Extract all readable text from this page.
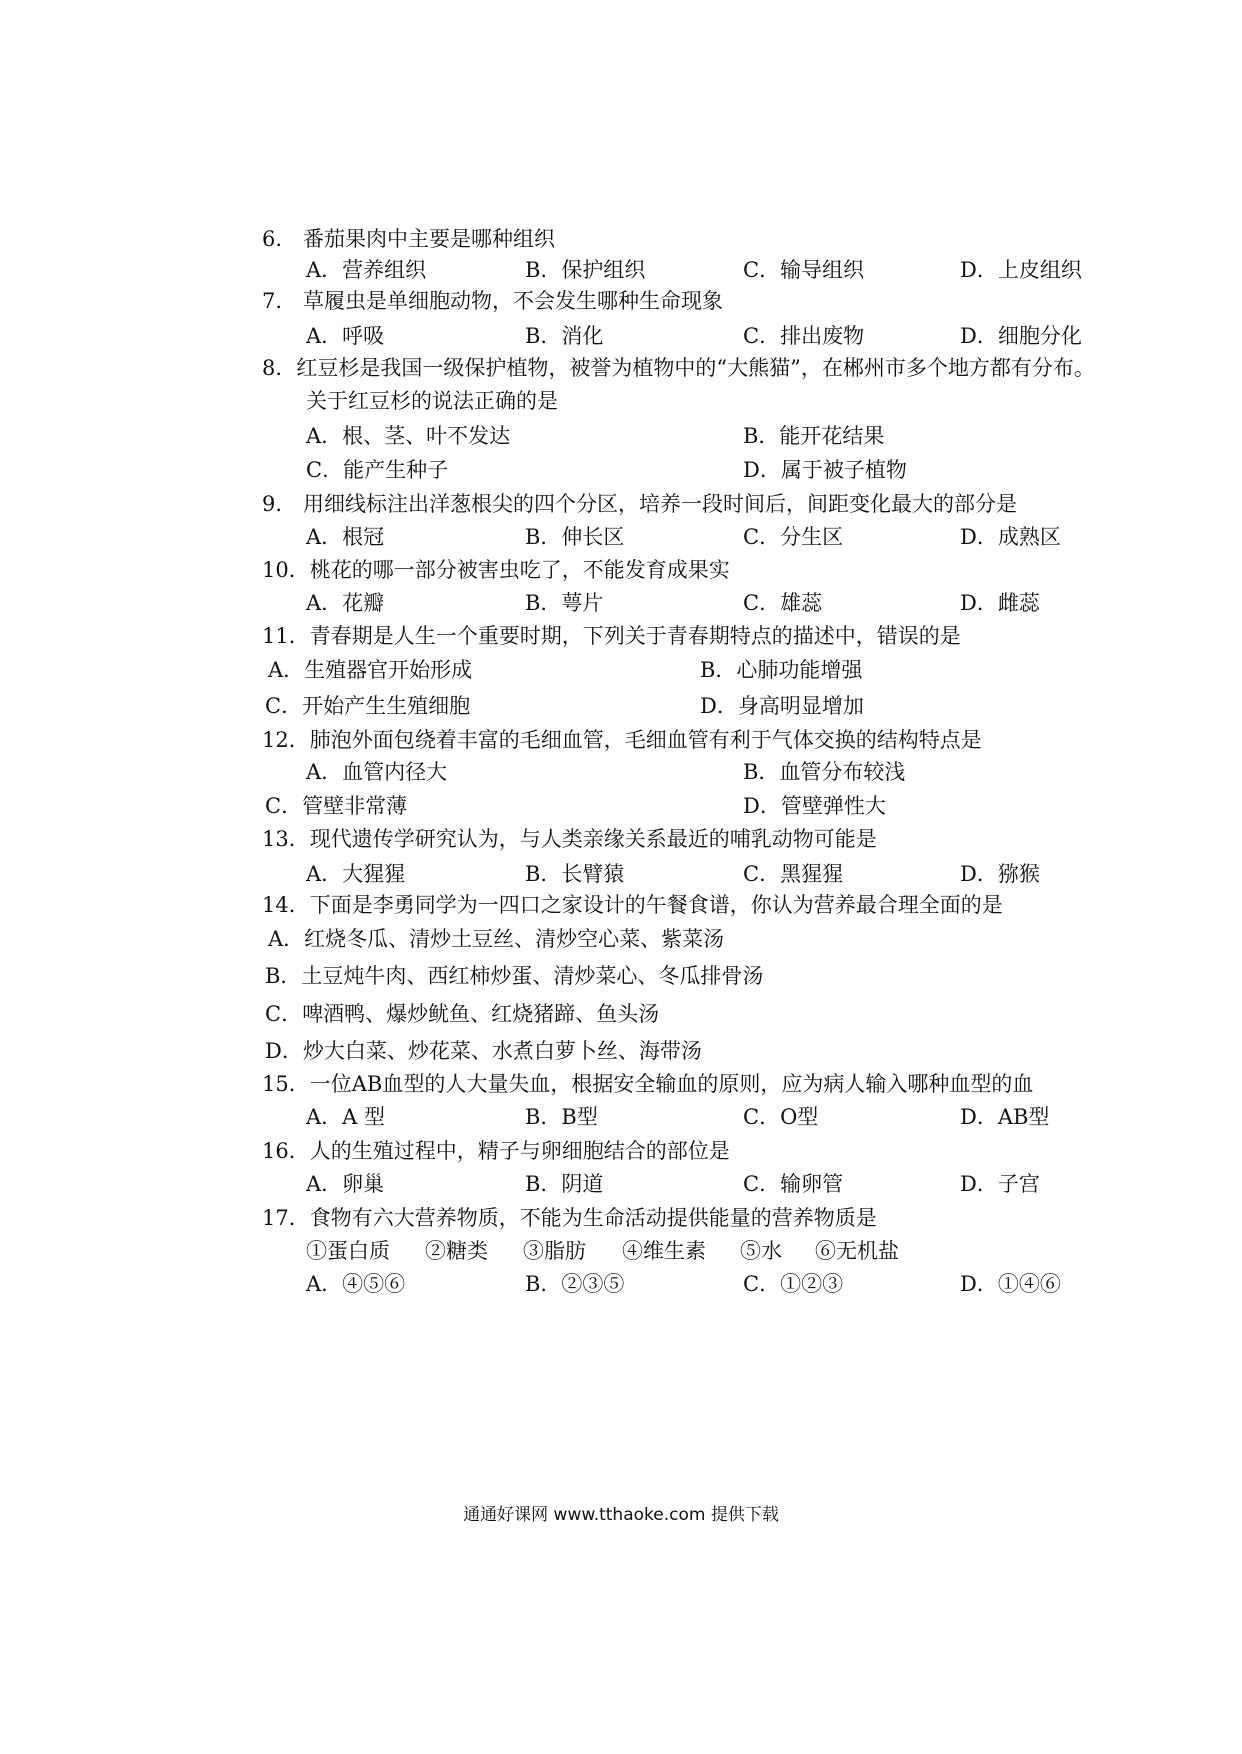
6.　番茄果肉中主要是哪种组织
A．营养组织	B．保护组织	C．输导组织	D．上皮组织
7.　草履虫是单细胞动物，不会发生哪种生命现象
A．呼吸	B．消化	C．排出废物	D．细胞分化
8．红豆杉是我国一级保护植物，被誉为植物中的“大熊猫”，在郴州市多个地方都有分布。
关于红豆杉的说法正确的是
A．根、茎、叶不发达	B．能开花结果
C．能产生种子	D．属于被子植物
9.　用细线标注出洋葱根尖的四个分区，培养一段时间后，间距变化最大的部分是
A．根冠	B．伸长区	C．分生区	D．成熟区
10．桃花的哪一部分被害虫吃了，不能发育成果实
A．花瓣	B．萼片	C．雄蕊	D．雌蕊
11．青春期是人生一个重要时期，下列关于青春期特点的描述中，错误的是
A．生殖器官开始形成	B．心肺功能增强
C．开始产生生殖细胞	D．身高明显增加
12．肺泡外面包绕着丰富的毛细血管，毛细血管有利于气体交换的结构特点是
A．血管内径大	B．血管分布较浅
C．管壁非常薄	D．管壁弹性大
13．现代遗传学研究认为，与人类亲缘关系最近的哺乳动物可能是
A．大猩猩	B．长臂猿	C．黑猩猩	D．猕猴
14．下面是李勇同学为一四口之家设计的午餐食谱，你认为营养最合理全面的是
A．红烧冬瓜、清炒土豆丝、清炒空心菜、紫菜汤
B．土豆炖牛肉、西红柿炒蛋、清炒菜心、冬瓜排骨汤
C．啤酒鸭、爆炒鱿鱼、红烧猪蹄、鱼头汤
D．炒大白菜、炒花菜、水煮白萝卜丝、海带汤
15．一位AB血型的人大量失血，根据安全输血的原则，应为病人输入哪种血型的血
A．A 型	B．B型	C．O型	D．AB型
16．人的生殖过程中，精子与卵细胞结合的部位是
A．卵巢	B．阴道	C．输卵管	D．子宫
17．食物有六大营养物质，不能为生命活动提供能量的营养物质是
①蛋白质 ②糖类 ③脂肪 ④维生素 ⑤水 ⑥无机盐
A．④⑤⑥	B．②③⑤	C．①②③	D．①④⑥
通通好课网 www.tthaoke.com 提供下载
